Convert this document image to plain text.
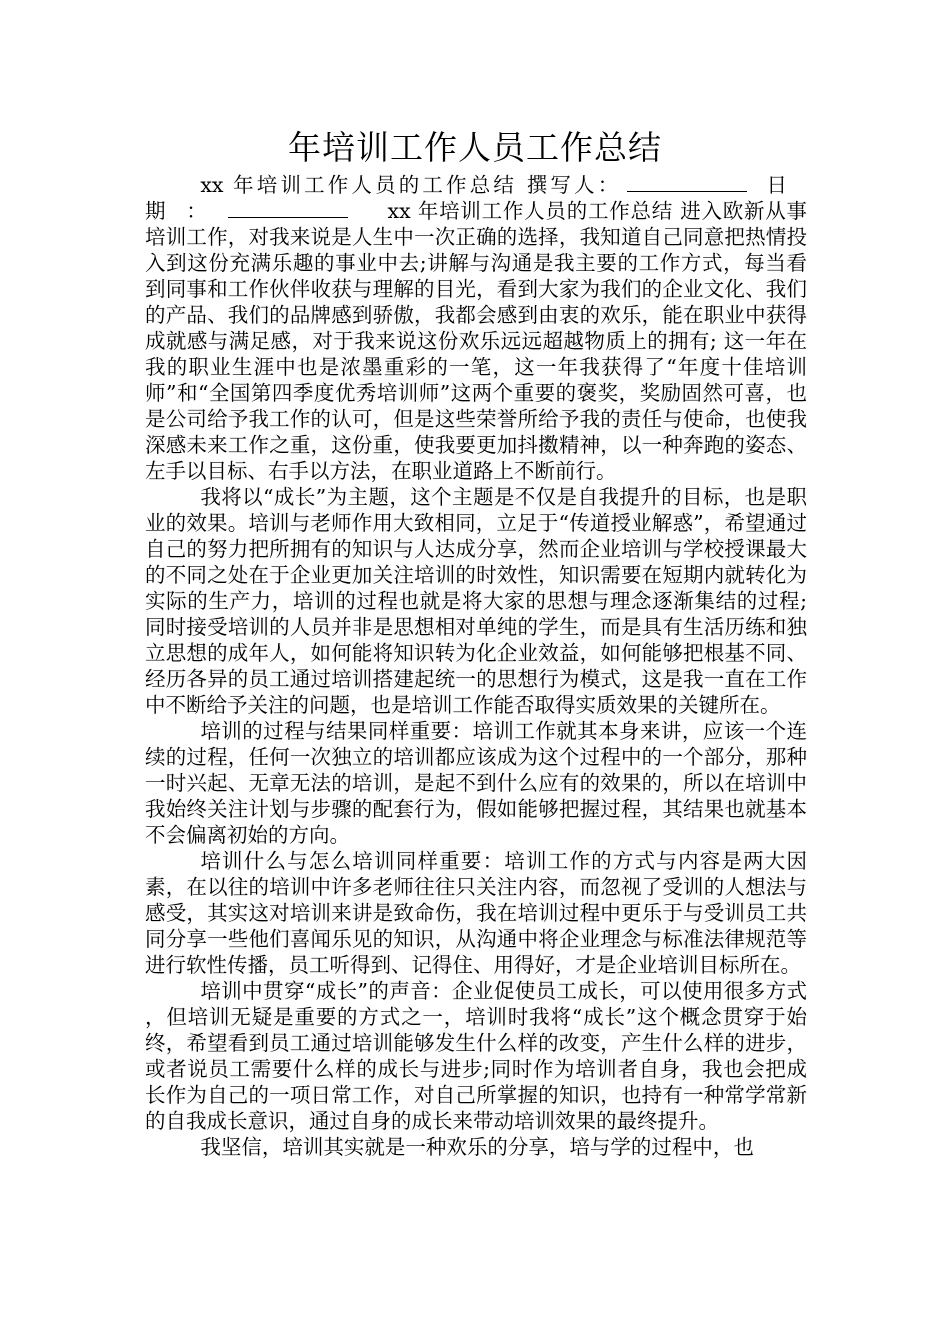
年培训工作人员工作总结

xx 年培训工作人员的工作总结 撰写人：	日 期：	xx 年培训工作人员的工作总结 进入欧新从事培训工作，对我来说是人生中一次正确的选择，我知道自己同意把热情投入到这份充满乐趣的事业中去;讲解与沟通是我主要的工作方式，每当看到同事和工作伙伴收获与理解的目光，看到大家为我们的企业文化、我们的产品、我们的品牌感到骄傲，我都会感到由衷的欢乐，能在职业中获得成就感与满足感，对于我来说这份欢乐远远超越物质上的拥有; 这一年在我的职业生涯中也是浓墨重彩的一笔，这一年我获得了“年度十佳培训师”和“全国第四季度优秀培训师”这两个重要的褒奖，奖励固然可喜，也是公司给予我工作的认可，但是这些荣誉所给予我的责任与使命，也使我深感未来工作之重，这份重，使我要更加抖擞精神，以一种奔跑的姿态、左手以目标、右手以方法，在职业道路上不断前行。

我将以“成长”为主题，这个主题是不仅是自我提升的目标，也是职业的效果。培训与老师作用大致相同，立足于“传道授业解惑”，希望通过自己的努力把所拥有的知识与人达成分享，然而企业培训与学校授课最大的不同之处在于企业更加关注培训的时效性，知识需要在短期内就转化为实际的生产力，培训的过程也就是将大家的思想与理念逐渐集结的过程;同时接受培训的人员并非是思想相对单纯的学生，而是具有生活历练和独立思想的成年人，如何能将知识转为化企业效益，如何能够把根基不同、经历各异的员工通过培训搭建起统一的思想行为模式，这是我一直在工作中不断给予关注的问题，也是培训工作能否取得实质效果的关键所在。

培训的过程与结果同样重要：培训工作就其本身来讲，应该一个连续的过程，任何一次独立的培训都应该成为这个过程中的一个部分，那种一时兴起、无章无法的培训，是起不到什么应有的效果的，所以在培训中我始终关注计划与步骤的配套行为，假如能够把握过程，其结果也就基本不会偏离初始的方向。

培训什么与怎么培训同样重要：培训工作的方式与内容是两大因素，在以往的培训中许多老师往往只关注内容，而忽视了受训的人想法与感受，其实这对培训来讲是致命伤，我在培训过程中更乐于与受训员工共同分享一些他们喜闻乐见的知识，从沟通中将企业理念与标准法律规范等进行软性传播，员工听得到、记得住、用得好，才是企业培训目标所在。

培训中贯穿“成长”的声音：企业促使员工成长，可以使用很多方式 ，但培训无疑是重要的方式之一，培训时我将“成长”这个概念贯穿于始终，希望看到员工通过培训能够发生什么样的改变，产生什么样的进步，或者说员工需要什么样的成长与进步;同时作为培训者自身，我也会把成长作为自己的一项日常工作，对自己所掌握的知识，也持有一种常学常新的自我成长意识，通过自身的成长来带动培训效果的最终提升。

我坚信，培训其实就是一种欢乐的分享，培与学的过程中，也
